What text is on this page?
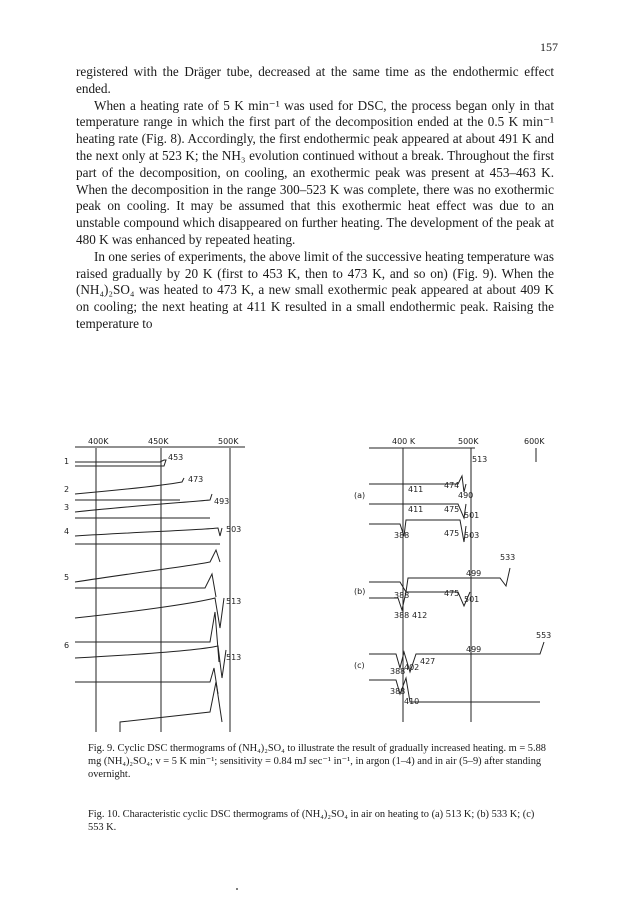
157

registered with the Dräger tube, decreased at the same time as the endothermic effect ended.

When a heating rate of 5 K min⁻¹ was used for DSC, the process began only in that temperature range in which the first part of the decomposition ended at the 0.5 K min⁻¹ heating rate (Fig. 8). Accordingly, the first endothermic peak appeared at about 491 K and the next only at 523 K; the NH₃ evolution continued without a break. Throughout the first part of the decomposition, on cooling, an exothermic peak was present at 453–463 K. When the decomposition in the range 300–523 K was complete, there was no exothermic peak on cooling. It may be assumed that this exothermic heat effect was due to an unstable compound which disappeared on further heating. The development of the peak at 480 K was enhanced by repeated heating.

In one series of experiments, the above limit of the successive heating temperature was raised gradually by 20 K (first to 453 K, then to 473 K, and so on) (Fig. 9). When the (NH₄)₂SO₄ was heated to 473 K, a new small exothermic peak appeared at about 409 K on cooling; the next heating at 411 K resulted in a small endothermic peak. Raising the temperature to

400K	450K	500K
1
2
3
4
5
6
453
473
493
503
513
513
400 K	500K	600K
(a)
(b)
(c)
513
411	474
490
411	475
501
388	475 503
533
499
388	475
501
388 412
553
499
388
402
427
388
410
Fig. 9. Cyclic DSC thermograms of (NH₄)₂SO₄ to illustrate the result of gradually increased heating. m = 5.88 mg (NH₄)₂SO₄; v = 5 K min⁻¹; sensitivity = 0.84 mJ sec⁻¹ in⁻¹, in argon (1–4) and in air (5–9) after standing overnight.
Fig. 10. Characteristic cyclic DSC thermograms of (NH₄)₂SO₄ in air on heating to (a) 513 K; (b) 533 K; (c) 553 K.
